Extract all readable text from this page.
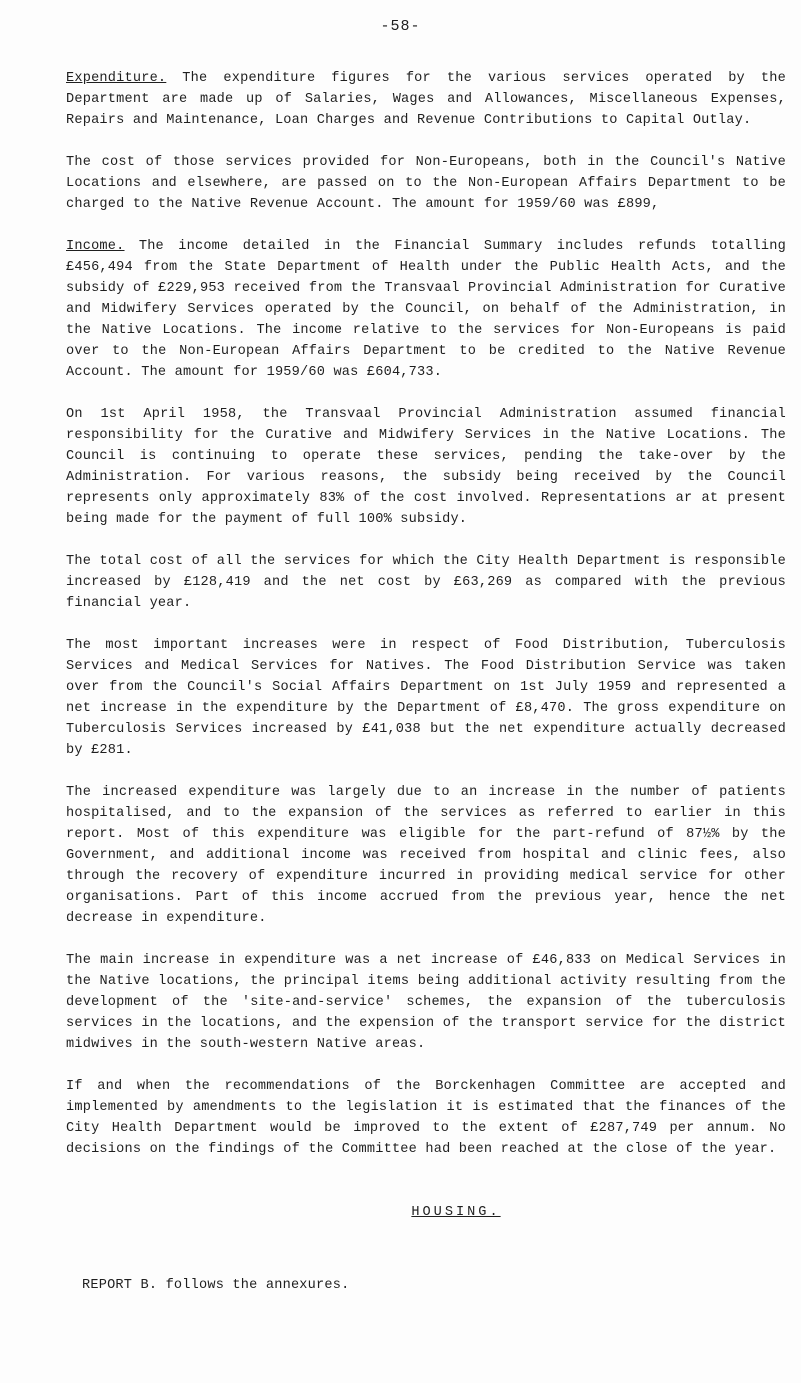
-58-

Expenditure. The expenditure figures for the various services operated by the Department are made up of Salaries, Wages and Allowances, Miscellaneous Expenses, Repairs and Maintenance, Loan Charges and Revenue Contributions to Capital Outlay.

The cost of those services provided for Non-Europeans, both in the Council's Native Locations and elsewhere, are passed on to the Non-European Affairs Department to be charged to the Native Revenue Account. The amount for 1959/60 was £899,

Income. The income detailed in the Financial Summary includes refunds totalling £456,494 from the State Department of Health under the Public Health Acts, and the subsidy of £229,953 received from the Transvaal Provincial Administration for Curative and Midwifery Services operated by the Council, on behalf of the Administration, in the Native Locations. The income relative to the services for Non-Europeans is paid over to the Non-European Affairs Department to be credited to the Native Revenue Account. The amount for 1959/60 was £604,733.

On 1st April 1958, the Transvaal Provincial Administration assumed financial responsibility for the Curative and Midwifery Services in the Native Locations. The Council is continuing to operate these services, pending the take-over by the Administration. For various reasons, the subsidy being received by the Council represents only approximately 83% of the cost involved. Representations ar at present being made for the payment of full 100% subsidy.

The total cost of all the services for which the City Health Department is responsible increased by £128,419 and the net cost by £63,269 as compared with the previous financial year.

The most important increases were in respect of Food Distribution, Tuberculosis Services and Medical Services for Natives. The Food Distribution Service was taken over from the Council's Social Affairs Department on 1st July 1959 and represented a net increase in the expenditure by the Department of £8,470. The gross expenditure on Tuberculosis Services increased by £41,038 but the net expenditure actually decreased by £281.

The increased expenditure was largely due to an increase in the number of patients hospitalised, and to the expansion of the services as referred to earlier in this report. Most of this expenditure was eligible for the part-refund of 87½% by the Government, and additional income was received from hospital and clinic fees, also through the recovery of expenditure incurred in providing medical service for other organisations. Part of this income accrued from the previous year, hence the net decrease in expenditure.

The main increase in expenditure was a net increase of £46,833 on Medical Services in the Native locations, the principal items being additional activity resulting from the development of the 'site-and-service' schemes, the expansion of the tuberculosis services in the locations, and the expension of the transport service for the district midwives in the south-western Native areas.

If and when the recommendations of the Borckenhagen Committee are accepted and implemented by amendments to the legislation it is estimated that the finances of the City Health Department would be improved to the extent of £287,749 per annum. No decisions on the findings of the Committee had been reached at the close of the year.

HOUSING.

REPORT B. follows the annexures.
